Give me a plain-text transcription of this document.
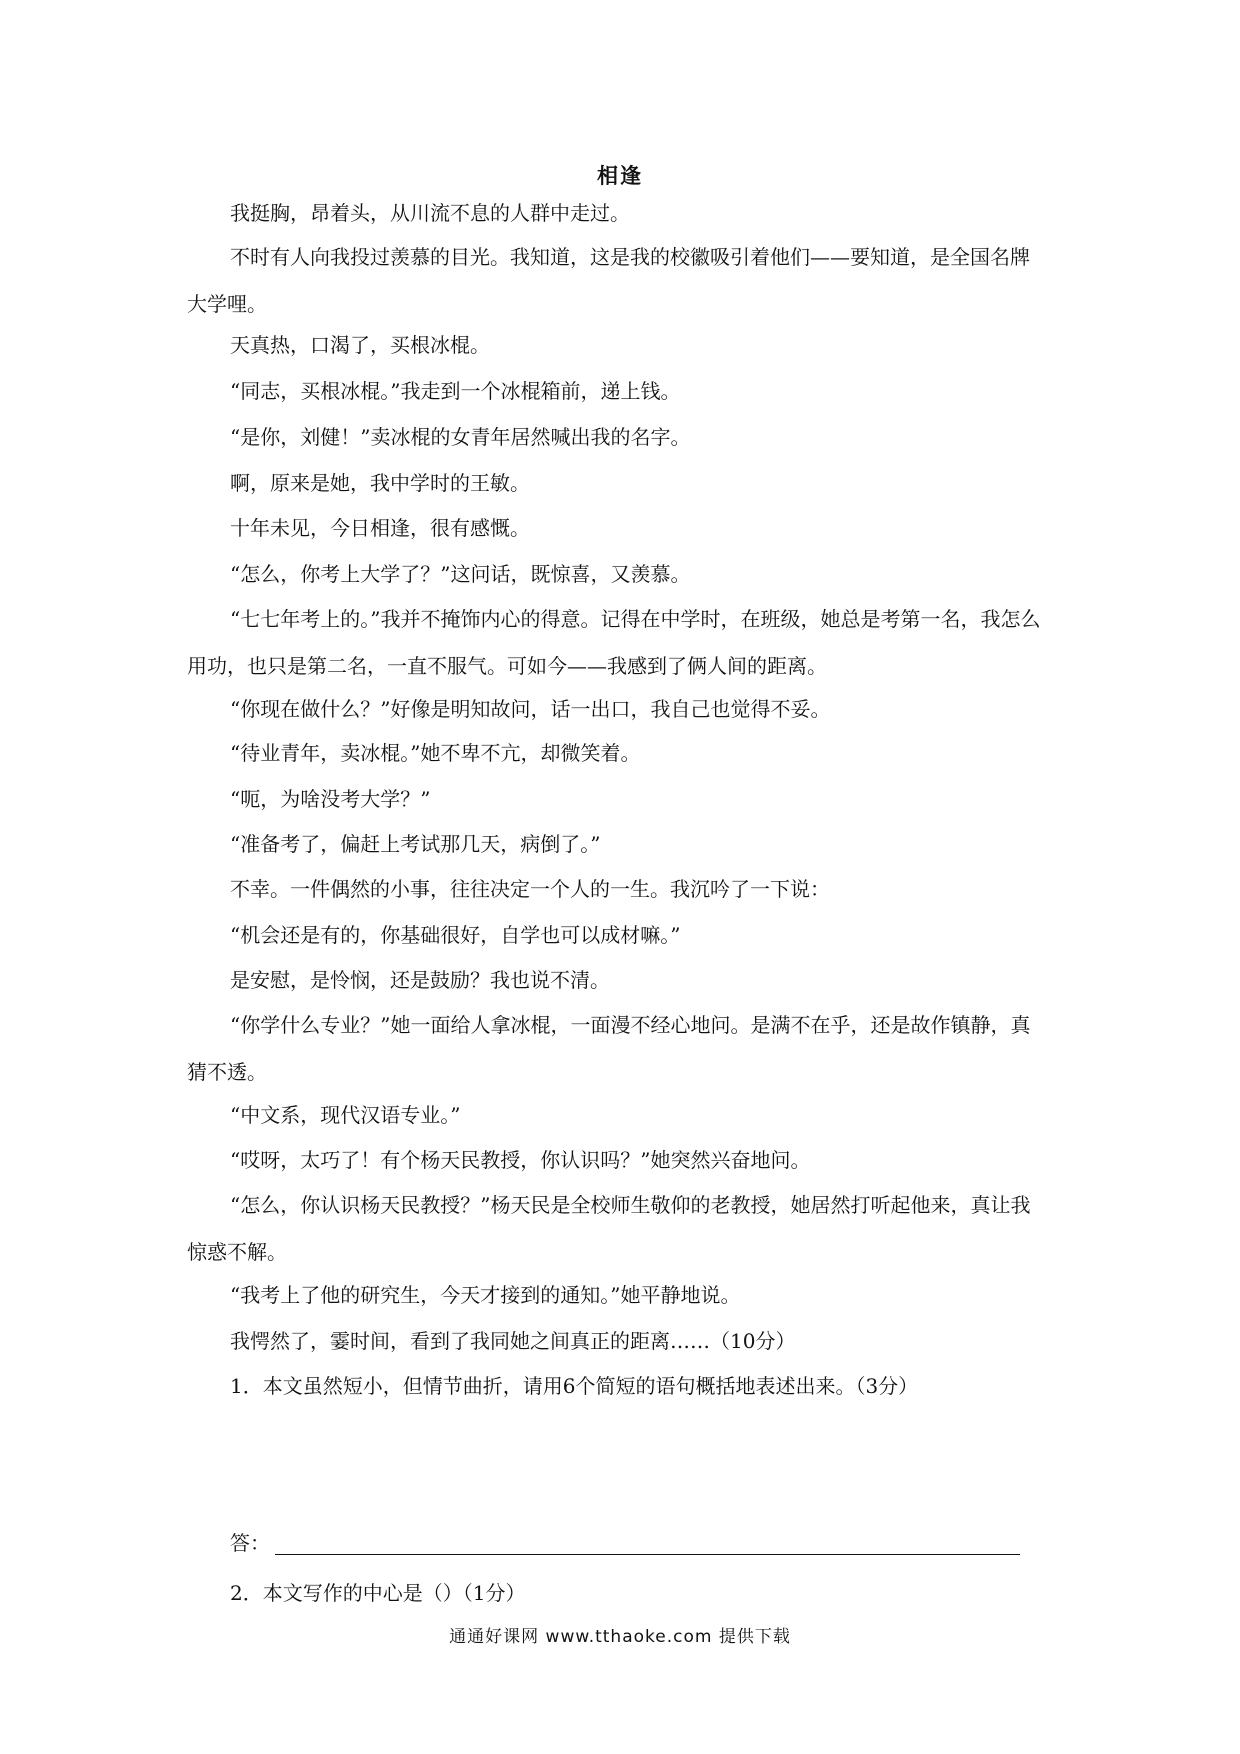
相逢

我挺胸，昂着头，从川流不息的人群中走过。

不时有人向我投过羡慕的目光。我知道，这是我的校徽吸引着他们——要知道，是全国名牌大学哩。

天真热，口渴了，买根冰棍。

“同志，买根冰棍。”我走到一个冰棍箱前，递上钱。

“是你，刘健！”卖冰棍的女青年居然喊出我的名字。

啊，原来是她，我中学时的王敏。

十年未见，今日相逢，很有感慨。

“怎么，你考上大学了？”这问话，既惊喜，又羡慕。

“七七年考上的。”我并不掩饰内心的得意。记得在中学时，在班级，她总是考第一名，我怎么用功，也只是第二名，一直不服气。可如今——我感到了俩人间的距离。

“你现在做什么？”好像是明知故问，话一出口，我自己也觉得不妥。

“待业青年，卖冰棍。”她不卑不亢，却微笑着。

“呃，为啥没考大学？”

“准备考了，偏赶上考试那几天，病倒了。”

不幸。一件偶然的小事，往往决定一个人的一生。我沉吟了一下说：

“机会还是有的，你基础很好，自学也可以成材嘛。”

是安慰，是怜悯，还是鼓励？我也说不清。

“你学什么专业？”她一面给人拿冰棍，一面漫不经心地问。是满不在乎，还是故作镇静，真猜不透。

“中文系，现代汉语专业。”

“哎呀，太巧了！有个杨天民教授，你认识吗？”她突然兴奋地问。

“怎么，你认识杨天民教授？”杨天民是全校师生敬仰的老教授，她居然打听起他来，真让我惊惑不解。

“我考上了他的研究生，今天才接到的通知。”她平静地说。

我愕然了，霎时间，看到了我同她之间真正的距离……（10分）

1．本文虽然短小，但情节曲折，请用6个简短的语句概括地表述出来。（3分）

答：

2．本文写作的中心是（）（1分）

通通好课网 www.tthaoke.com 提供下载
